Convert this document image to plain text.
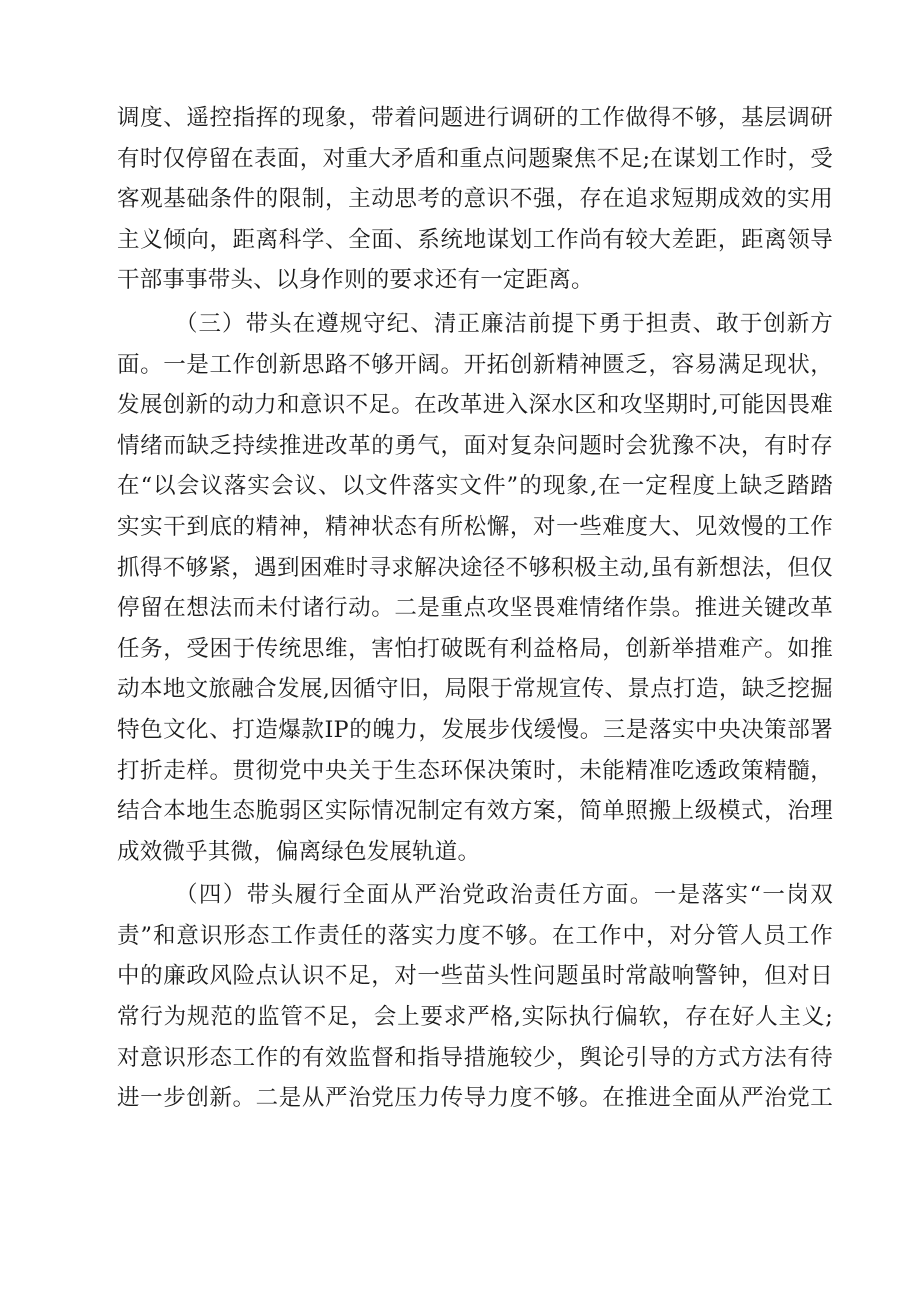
调度、遥控指挥的现象，带着问题进行调研的工作做得不够，基层调研
有时仅停留在表面，对重大矛盾和重点问题聚焦不足;在谋划工作时，受
客观基础条件的限制，主动思考的意识不强，存在追求短期成效的实用
主义倾向，距离科学、全面、系统地谋划工作尚有较大差距，距离领导
干部事事带头、以身作则的要求还有一定距离。
（三）带头在遵规守纪、清正廉洁前提下勇于担责、敢于创新方
面。一是工作创新思路不够开阔。开拓创新精神匮乏，容易满足现状，
发展创新的动力和意识不足。在改革进入深水区和攻坚期时,可能因畏难
情绪而缺乏持续推进改革的勇气，面对复杂问题时会犹豫不决，有时存
在“以会议落实会议、以文件落实文件”的现象,在一定程度上缺乏踏踏
实实干到底的精神，精神状态有所松懈，对一些难度大、见效慢的工作
抓得不够紧，遇到困难时寻求解决途径不够积极主动,虽有新想法，但仅
停留在想法而未付诸行动。二是重点攻坚畏难情绪作祟。推进关键改革
任务，受困于传统思维，害怕打破既有利益格局，创新举措难产。如推
动本地文旅融合发展,因循守旧，局限于常规宣传、景点打造，缺乏挖掘
特色文化、打造爆款IP的魄力，发展步伐缓慢。三是落实中央决策部署
打折走样。贯彻党中央关于生态环保决策时，未能精准吃透政策精髓，
结合本地生态脆弱区实际情况制定有效方案，简单照搬上级模式，治理
成效微乎其微，偏离绿色发展轨道。
（四）带头履行全面从严治党政治责任方面。一是落实“一岗双
责”和意识形态工作责任的落实力度不够。在工作中，对分管人员工作
中的廉政风险点认识不足，对一些苗头性问题虽时常敲响警钟，但对日
常行为规范的监管不足，会上要求严格,实际执行偏软，存在好人主义;
对意识形态工作的有效监督和指导措施较少，舆论引导的方式方法有待
进一步创新。二是从严治党压力传导力度不够。在推进全面从严治党工
